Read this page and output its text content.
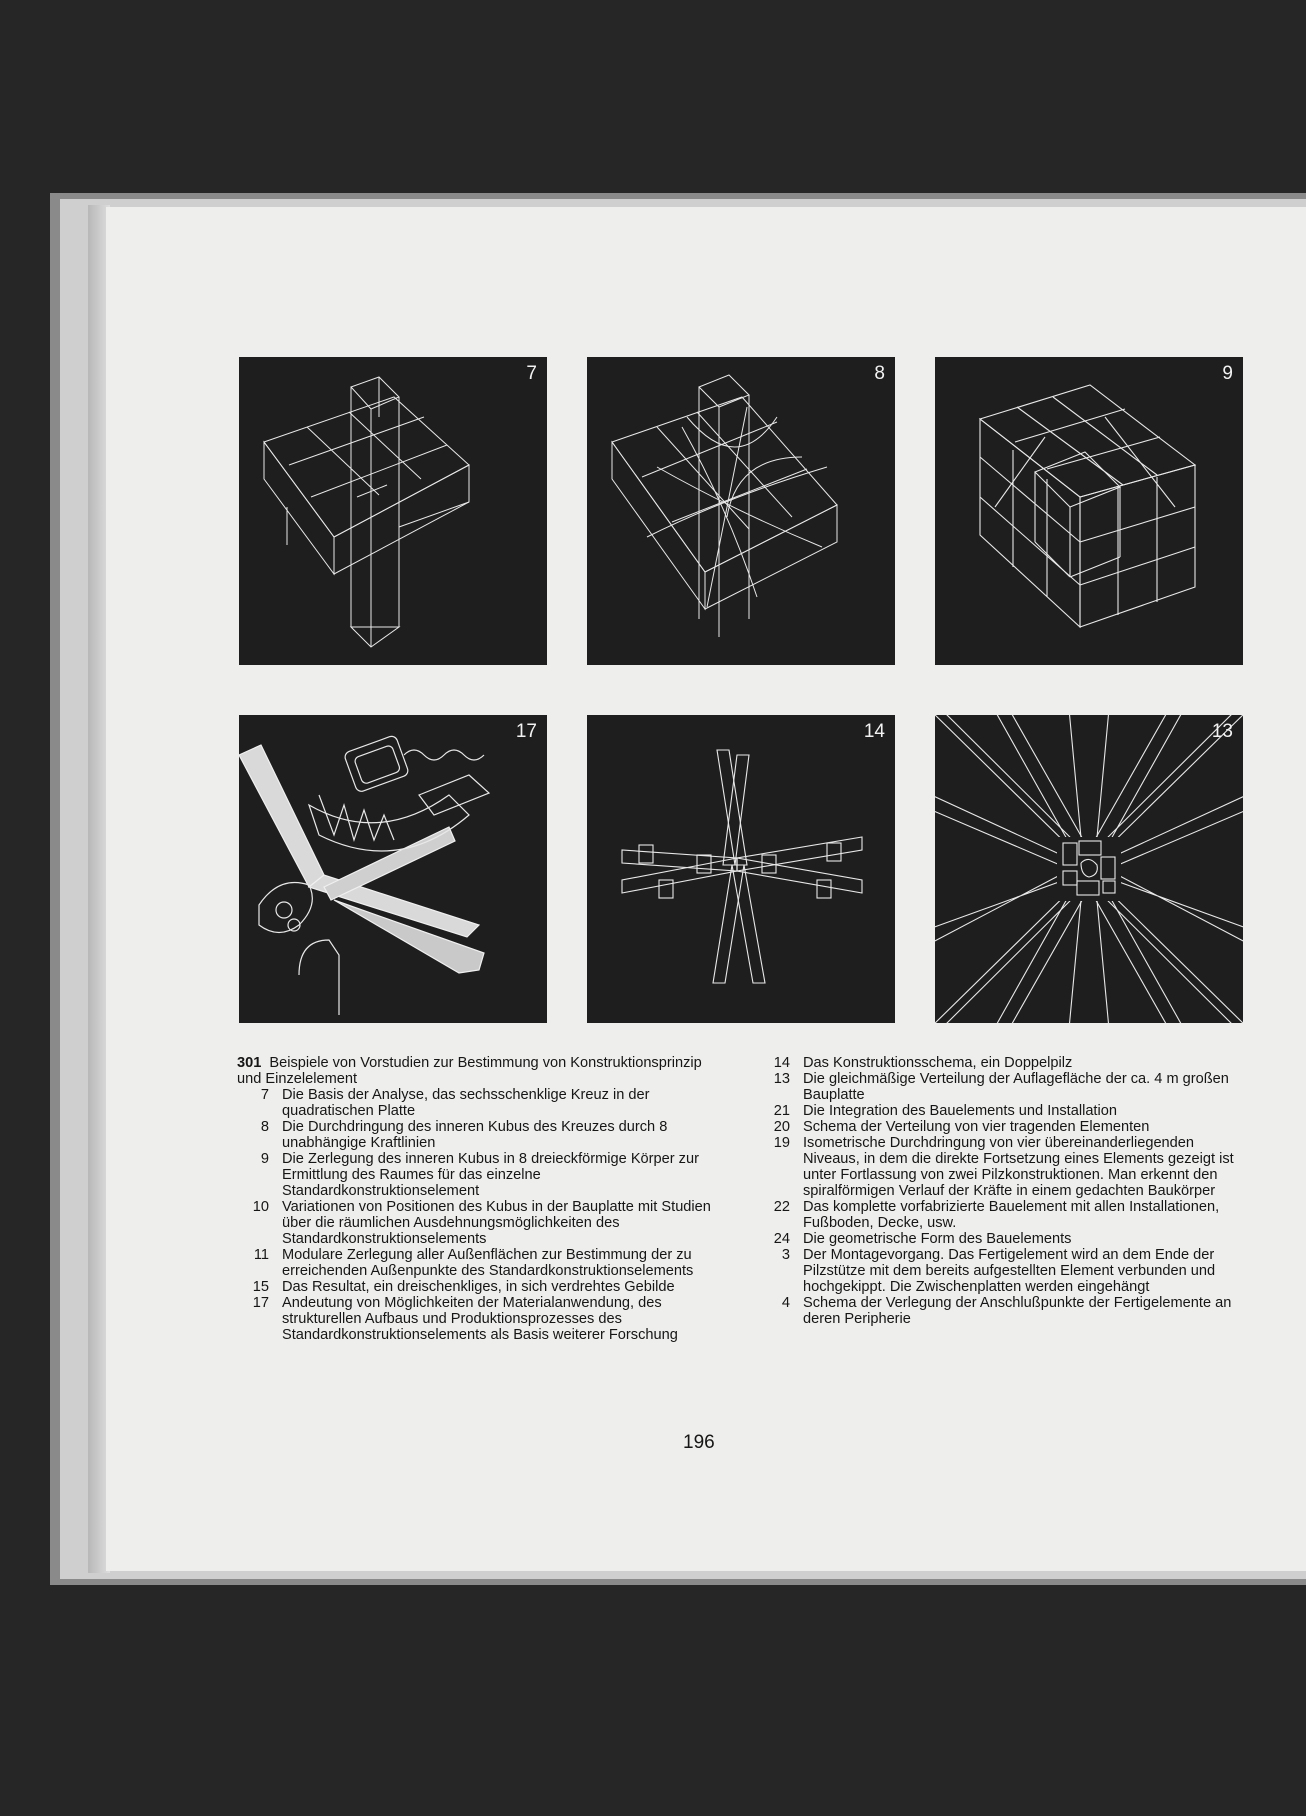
7	8	9
17	14	13
301 Beispiele von Vorstudien zur Bestimmung von Konstruktionsprinzip und Einzelelement
7 Die Basis der Analyse, das sechsschenklige Kreuz in der quadratischen Platte
8 Die Durchdringung des inneren Kubus des Kreuzes durch 8 unabhängige Kraftlinien
9 Die Zerlegung des inneren Kubus in 8 dreieckförmige Körper zur Ermittlung des Raumes für das einzelne Standardkonstruktionselement
10 Variationen von Positionen des Kubus in der Bauplatte mit Studien über die räumlichen Ausdehnungsmöglichkeiten des Standardkonstruktionselements
11 Modulare Zerlegung aller Außenflächen zur Bestimmung der zu erreichenden Außenpunkte des Standardkonstruktionselements
15 Das Resultat, ein dreischenkliges, in sich verdrehtes Gebilde
17 Andeutung von Möglichkeiten der Materialanwendung, des strukturellen Aufbaus und Produktionsprozesses des Standardkonstruktionselements als Basis weiterer Forschung
14 Das Konstruktionsschema, ein Doppelpilz
13 Die gleichmäßige Verteilung der Auflagefläche der ca. 4 m großen Bauplatte
21 Die Integration des Bauelements und Installation
20 Schema der Verteilung von vier tragenden Elementen
19 Isometrische Durchdringung von vier übereinanderliegenden Niveaus, in dem die direkte Fortsetzung eines Elements gezeigt ist unter Fortlassung von zwei Pilzkonstruktionen. Man erkennt den spiralförmigen Verlauf der Kräfte in einem gedachten Baukörper
22 Das komplette vorfabrizierte Bauelement mit allen Installationen, Fußboden, Decke, usw.
24 Die geometrische Form des Bauelements
3 Der Montagevorgang. Das Fertigelement wird an dem Ende der Pilzstütze mit dem bereits aufgestellten Element verbunden und hochgekippt. Die Zwischenplatten werden eingehängt
4 Schema der Verlegung der Anschlußpunkte der Fertigelemente an deren Peripherie
196
